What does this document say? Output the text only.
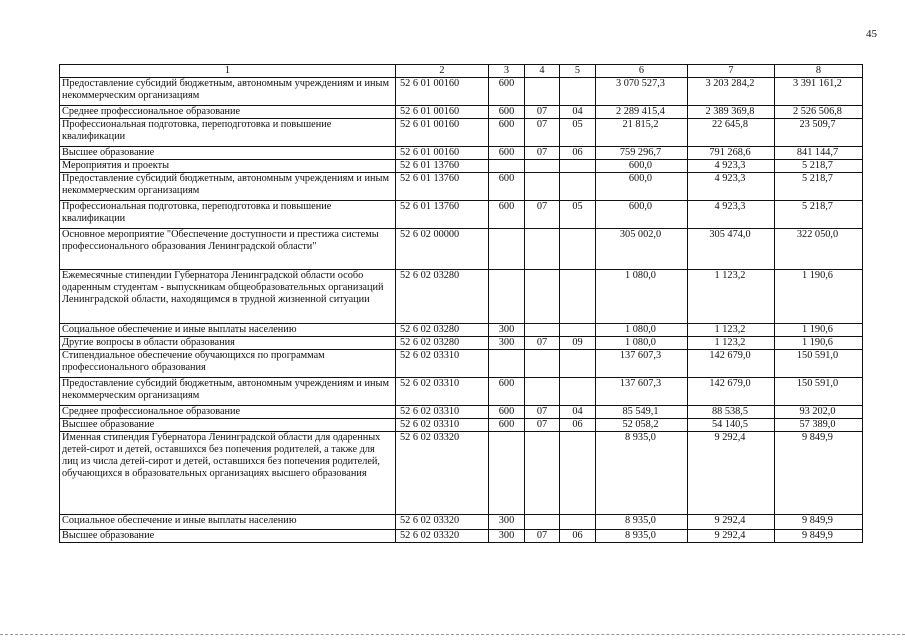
45
1	2	3	4	5	6	7	8
Предоставление субсидий бюджетным, автономным учреждениям и иным некоммерческим организациям	52 6 01 00160	600			3 070 527,3	3 203 284,2	3 391 161,2
Среднее профессиональное образование	52 6 01 00160	600	07	04	2 289 415,4	2 389 369,8	2 526 506,8
Профессиональная подготовка, переподготовка и повышение квалификации	52 6 01 00160	600	07	05	21 815,2	22 645,8	23 509,7
Высшее образование	52 6 01 00160	600	07	06	759 296,7	791 268,6	841 144,7
Мероприятия и проекты	52 6 01 13760				600,0	4 923,3	5 218,7
Предоставление субсидий бюджетным, автономным учреждениям и иным некоммерческим организациям	52 6 01 13760	600			600,0	4 923,3	5 218,7
Профессиональная подготовка, переподготовка и повышение квалификации	52 6 01 13760	600	07	05	600,0	4 923,3	5 218,7
Основное мероприятие "Обеспечение доступности и престижа системы профессионального образования Ленинградской области"	52 6 02 00000				305 002,0	305 474,0	322 050,0
Ежемесячные стипендии Губернатора Ленинградской области особо одаренным студентам - выпускникам общеобразовательных организаций Ленинградской области, находящимся в трудной жизненной ситуации	52 6 02 03280				1 080,0	1 123,2	1 190,6
Социальное обеспечение и иные выплаты населению	52 6 02 03280	300			1 080,0	1 123,2	1 190,6
Другие вопросы в области образования	52 6 02 03280	300	07	09	1 080,0	1 123,2	1 190,6
Стипендиальное обеспечение обучающихся по программам профессионального образования	52 6 02 03310				137 607,3	142 679,0	150 591,0
Предоставление субсидий бюджетным, автономным учреждениям и иным некоммерческим организациям	52 6 02 03310	600			137 607,3	142 679,0	150 591,0
Среднее профессиональное образование	52 6 02 03310	600	07	04	85 549,1	88 538,5	93 202,0
Высшее образование	52 6 02 03310	600	07	06	52 058,2	54 140,5	57 389,0
Именная стипендия Губернатора Ленинградской области для одаренных детей-сирот и детей, оставшихся без попечения родителей, а также для лиц из числа детей-сирот и детей, оставшихся без попечения родителей, обучающихся в образовательных организациях высшего образования	52 6 02 03320				8 935,0	9 292,4	9 849,9
Социальное обеспечение и иные выплаты населению	52 6 02 03320	300			8 935,0	9 292,4	9 849,9
Высшее образование	52 6 02 03320	300	07	06	8 935,0	9 292,4	9 849,9
